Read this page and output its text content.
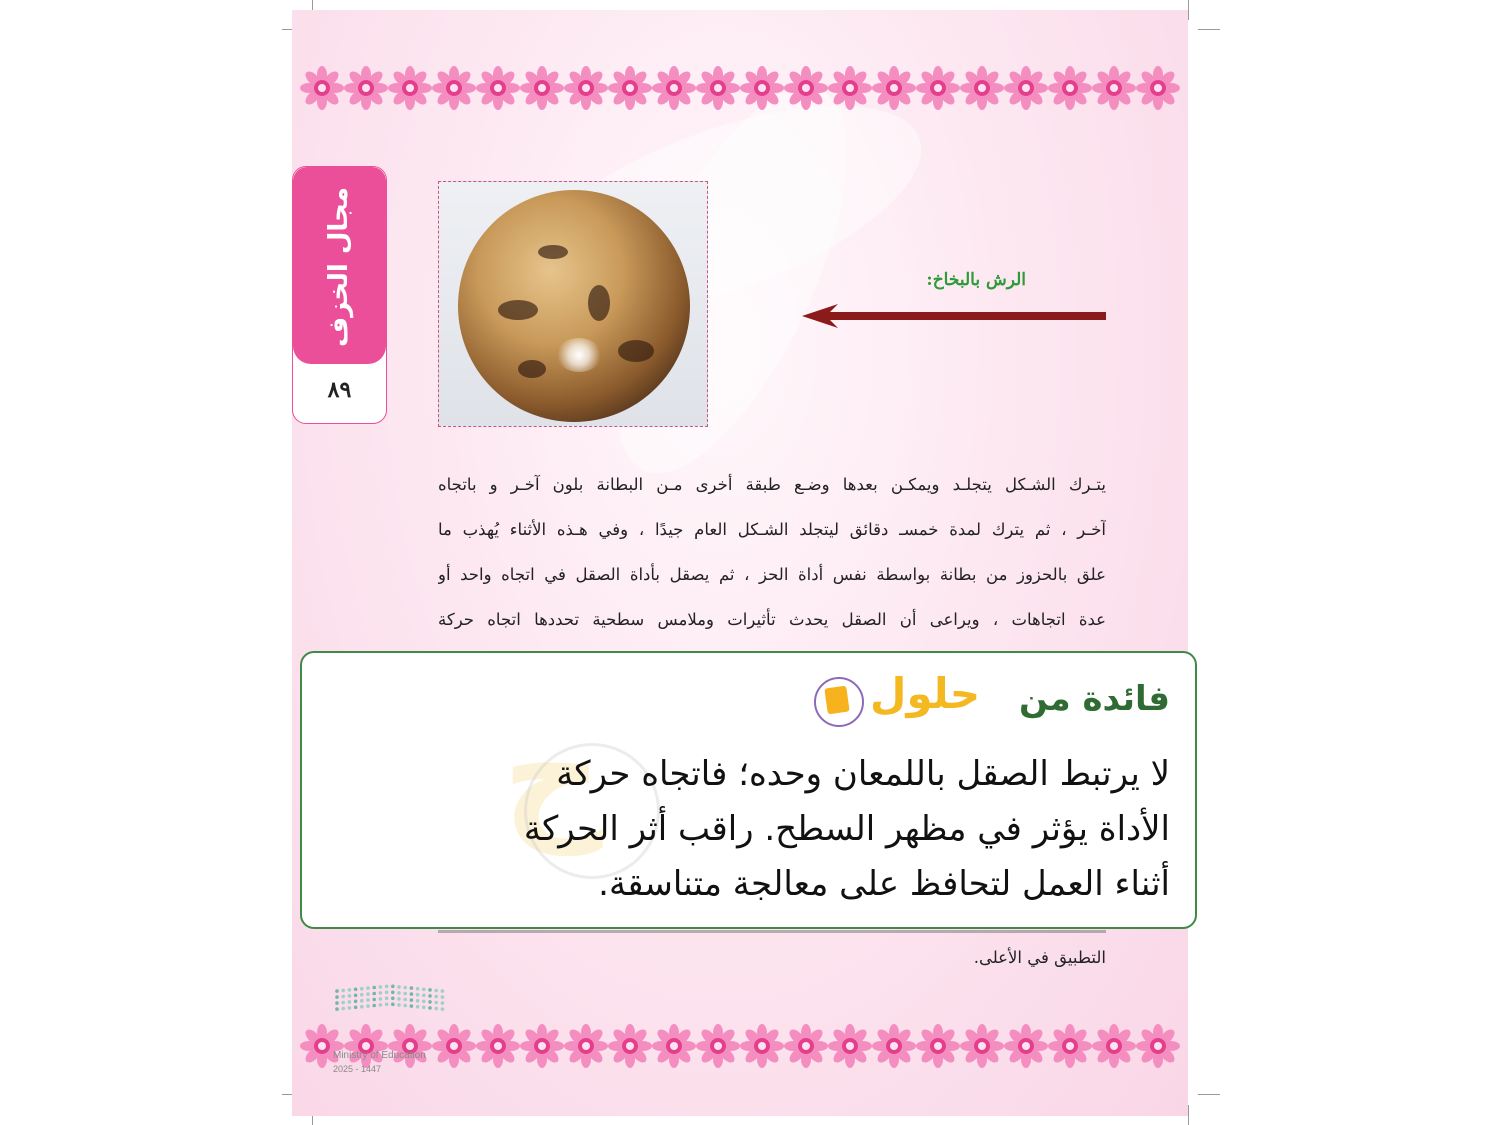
مجال الخزف
٨٩
الرش بالبخاخ:
يتـرك الشـكل يتجلـد ويمكـن بعدها وضـع طبقة أخرى مـن البطانة بلون آخـر و باتجاه
آخـر ، ثم يترك لمدة خمسـ دقائق ليتجلد الشـكل العام جيدًا ، وفي هـذه الأثناء يُهذب ما
علق بالحزوز من بطانة بواسطة نفس أداة الحز ، ثم يصقل بأداة الصقل في اتجاه واحد أو
عدة اتجاهات ، ويراعى أن الصقل يحدث تأثيرات وملامس سطحية تحددها اتجاه حركة
التطبيق في الأعلى.
Ministry of Education
2025 - 1447
ح	فائدة من
حلول
لا يرتبط الصقل باللمعان وحده؛ فاتجاه حركة
الأداة يؤثر في مظهر السطح. راقب أثر الحركة
أثناء العمل لتحافظ على معالجة متناسقة.
